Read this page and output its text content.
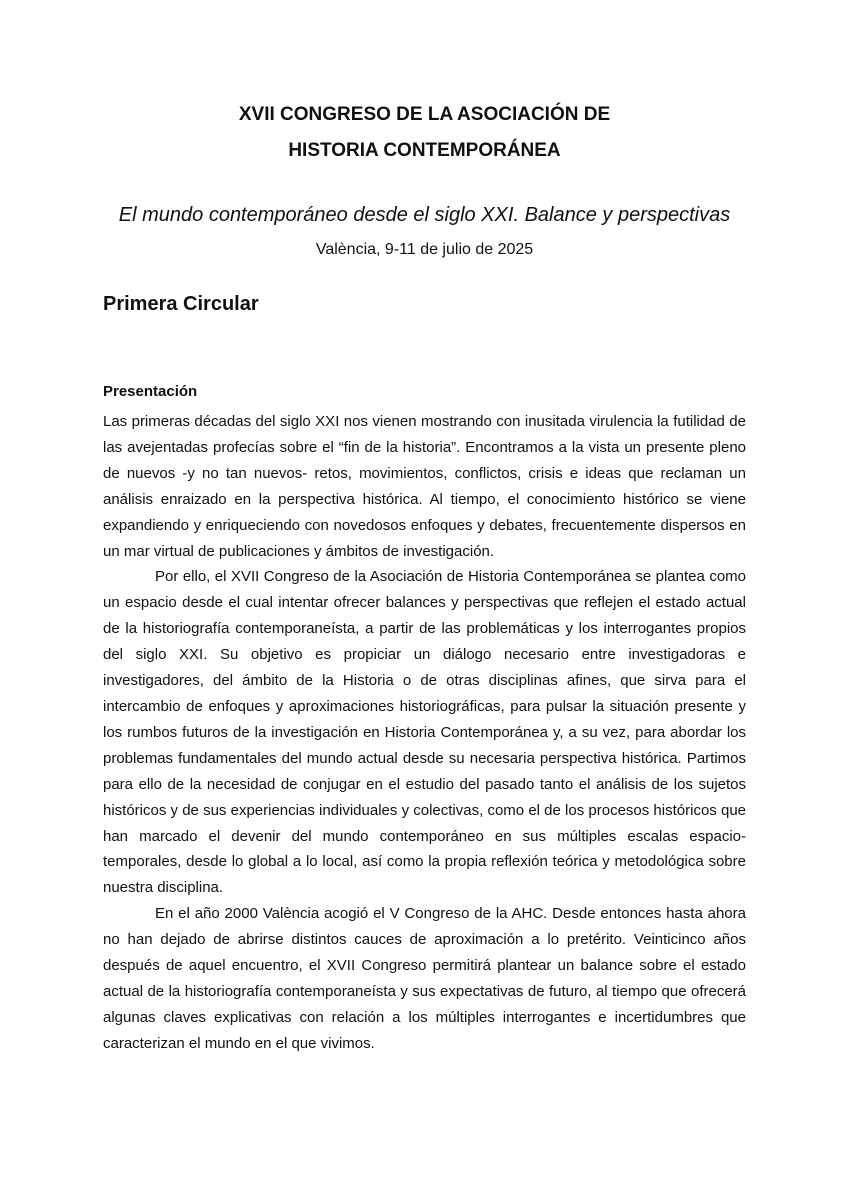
XVII CONGRESO DE LA ASOCIACIÓN DE
HISTORIA CONTEMPORÁNEA

El mundo contemporáneo desde el siglo XXI. Balance y perspectivas

València, 9-11 de julio de 2025

Primera Circular
Presentación

Las primeras décadas del siglo XXI nos vienen mostrando con inusitada virulencia la futilidad de las avejentadas profecías sobre el “fin de la historia”. Encontramos a la vista un presente pleno de nuevos -y no tan nuevos- retos, movimientos, conflictos, crisis e ideas que reclaman un análisis enraizado en la perspectiva histórica. Al tiempo, el conocimiento histórico se viene expandiendo y enriqueciendo con novedosos enfoques y debates, frecuentemente dispersos en un mar virtual de publicaciones y ámbitos de investigación.

Por ello, el XVII Congreso de la Asociación de Historia Contemporánea se plantea como un espacio desde el cual intentar ofrecer balances y perspectivas que reflejen el estado actual de la historiografía contemporaneísta, a partir de las problemáticas y los interrogantes propios del siglo XXI. Su objetivo es propiciar un diálogo necesario entre investigadoras e investigadores, del ámbito de la Historia o de otras disciplinas afines, que sirva para el intercambio de enfoques y aproximaciones historiográficas, para pulsar la situación presente y los rumbos futuros de la investigación en Historia Contemporánea y, a su vez, para abordar los problemas fundamentales del mundo actual desde su necesaria perspectiva histórica. Partimos para ello de la necesidad de conjugar en el estudio del pasado tanto el análisis de los sujetos históricos y de sus experiencias individuales y colectivas, como el de los procesos históricos que han marcado el devenir del mundo contemporáneo en sus múltiples escalas espacio-temporales, desde lo global a lo local, así como la propia reflexión teórica y metodológica sobre nuestra disciplina.

En el año 2000 València acogió el V Congreso de la AHC. Desde entonces hasta ahora no han dejado de abrirse distintos cauces de aproximación a lo pretérito. Veinticinco años después de aquel encuentro, el XVII Congreso permitirá plantear un balance sobre el estado actual de la historiografía contemporaneísta y sus expectativas de futuro, al tiempo que ofrecerá algunas claves explicativas con relación a los múltiples interrogantes e incertidumbres que caracterizan el mundo en el que vivimos.
